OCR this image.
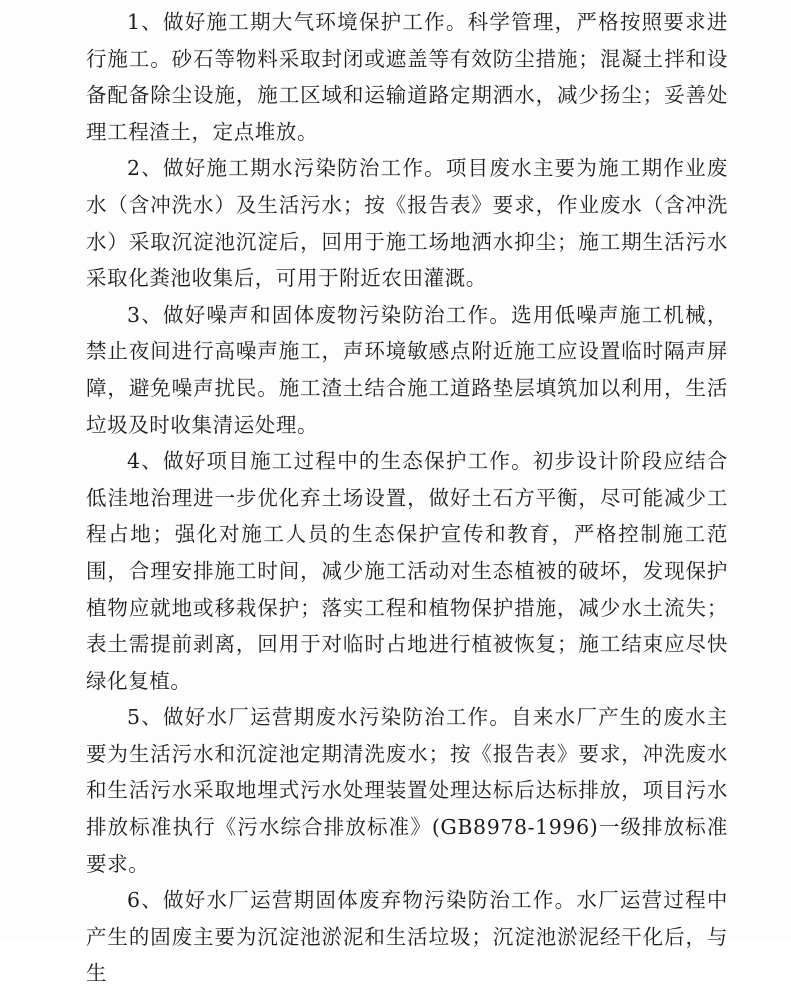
1、做好施工期大气环境保护工作。科学管理，严格按照要求进行施工。砂石等物料采取封闭或遮盖等有效防尘措施；混凝土拌和设备配备除尘设施，施工区域和运输道路定期洒水，减少扬尘；妥善处理工程渣土，定点堆放。

2、做好施工期水污染防治工作。项目废水主要为施工期作业废水（含冲洗水）及生活污水；按《报告表》要求，作业废水（含冲洗水）采取沉淀池沉淀后，回用于施工场地洒水抑尘；施工期生活污水采取化粪池收集后，可用于附近农田灌溉。

3、做好噪声和固体废物污染防治工作。选用低噪声施工机械，禁止夜间进行高噪声施工，声环境敏感点附近施工应设置临时隔声屏障，避免噪声扰民。施工渣土结合施工道路垫层填筑加以利用，生活垃圾及时收集清运处理。

4、做好项目施工过程中的生态保护工作。初步设计阶段应结合低洼地治理进一步优化弃土场设置，做好土石方平衡，尽可能减少工程占地；强化对施工人员的生态保护宣传和教育，严格控制施工范围，合理安排施工时间，减少施工活动对生态植被的破坏，发现保护植物应就地或移栽保护；落实工程和植物保护措施，减少水土流失；表土需提前剥离，回用于对临时占地进行植被恢复；施工结束应尽快绿化复植。

5、做好水厂运营期废水污染防治工作。自来水厂产生的废水主要为生活污水和沉淀池定期清洗废水；按《报告表》要求，冲洗废水和生活污水采取地埋式污水处理装置处理达标后达标排放，项目污水排放标准执行《污水综合排放标准》(GB8978-1996)一级排放标准要求。

6、做好水厂运营期固体废弃物污染防治工作。水厂运营过程中产生的固废主要为沉淀池淤泥和生活垃圾；沉淀池淤泥经干化后，与生
